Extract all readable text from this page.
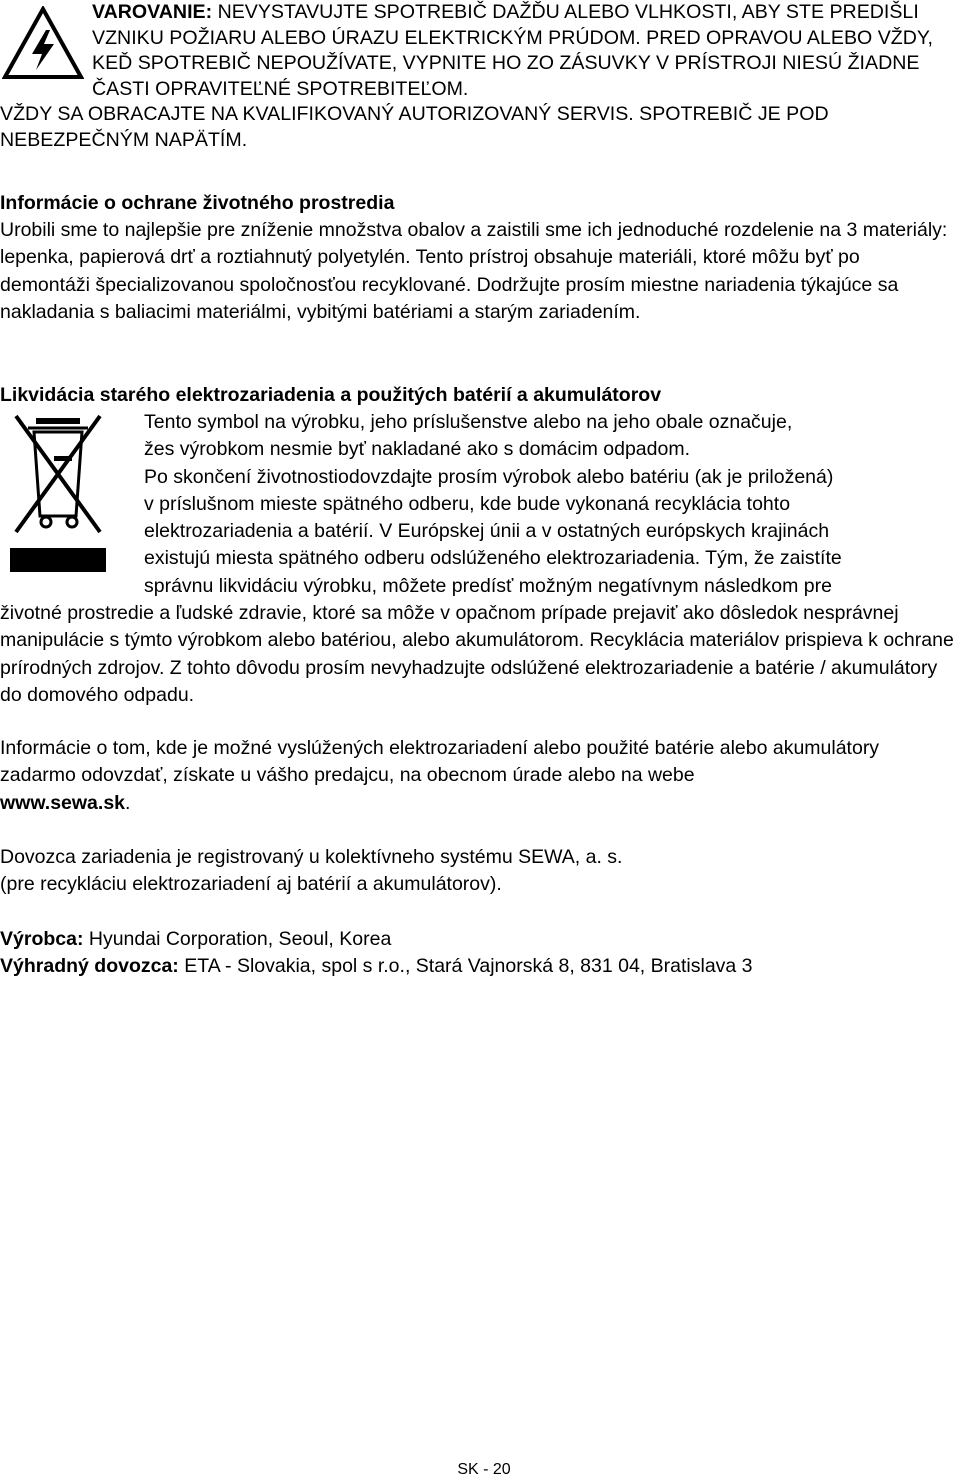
VAROVANIE: NEVYSTAVUJTE SPOTREBIČ DAŽĎU ALEBO VLHKOSTI, ABY STE PREDIŠLI VZNIKU POŽIARU ALEBO ÚRAZU ELEKTRICKÝM PRÚDOM. PRED OPRAVOU ALEBO VŽDY, KEĎ SPOTREBIČ NEPOUŽÍVATE, VYPNITE HO ZO ZÁSUVKY V PRÍSTROJI NIESÚ ŽIADNE ČASTI OPRAVITEĽNÉ SPOTREBITEĽOM.
VŽDY SA OBRACAJTE NA KVALIFIKOVANÝ AUTORIZOVANÝ SERVIS. SPOTREBIČ JE POD NEBEZPEČNÝM NAPÄTÍM.
Informácie o ochrane životného prostredia

Urobili sme to najlepšie pre zníženie množstva obalov a zaistili sme ich jednoduché rozdelenie na 3 materiály: lepenka, papierová drť a roztiahnutý polyetylén. Tento prístroj obsahuje materiáli, ktoré môžu byť po demontáži špecializovanou spoločnosťou recyklované. Dodržujte prosím miestne nariadenia týkajúce sa nakladania s baliacimi materiálmi, vybitými batériami a starým zariadením.

Likvidácia starého elektrozariadenia a použitých batérií a akumulátorov

Tento symbol na výrobku, jeho príslušenstve alebo na jeho obale označuje,

žes výrobkom nesmie byť nakladané ako s domácim odpadom.

Po skončení životnostiodovzdajte prosím výrobok alebo batériu (ak je priložená)

v príslušnom mieste spätného odberu, kde bude vykonaná recyklácia tohto

elektrozariadenia a batérií. V Európskej únii a v ostatných európskych krajinách

existujú miesta spätného odberu odslúženého elektrozariadenia. Tým, že zaistíte

správnu likvidáciu výrobku, môžete predísť možným negatívnym následkom pre

životné prostredie a ľudské zdravie, ktoré sa môže v opačnom prípade prejaviť ako dôsledok nesprávnej manipulácie s týmto výrobkom alebo batériou, alebo akumulátorom. Recyklácia materiálov prispieva k ochrane prírodných zdrojov. Z tohto dôvodu prosím nevyhadzujte odslúžené elektrozariadenie a batérie / akumulátory do domového odpadu.

Informácie o tom, kde je možné vyslúžených elektrozariadení alebo použité batérie alebo akumulátory zadarmo odovzdať, získate u vášho predajcu, na obecnom úrade alebo na webe
www.sewa.sk.

Dovozca zariadenia je registrovaný u kolektívneho systému SEWA, a. s.

(pre recykláciu elektrozariadení aj batérií a akumulátorov).

Výrobca: Hyundai Corporation, Seoul, Korea

Výhradný dovozca: ETA - Slovakia, spol s r.o., Stará Vajnorská 8, 831 04, Bratislava 3

SK - 20
